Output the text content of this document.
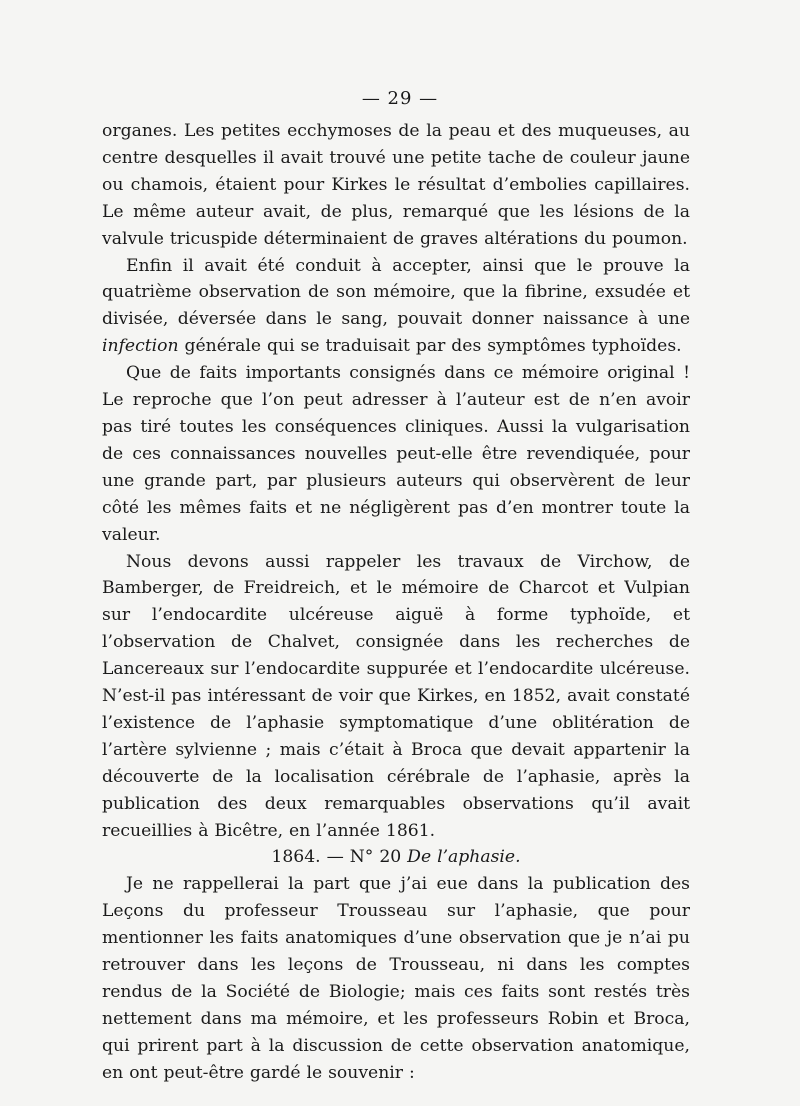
— 29 —

organes. Les petites ecchymoses de la peau et des muqueuses, au centre desquelles il avait trouvé une petite tache de couleur jaune ou chamois, étaient pour Kirkes le résultat d’embolies capillaires. Le même auteur avait, de plus, remarqué que les lésions de la valvule tricuspide déterminaient de graves altérations du poumon.

Enfin il avait été conduit à accepter, ainsi que le prouve la quatrième observation de son mémoire, que la fibrine, exsudée et divisée, déversée dans le sang, pouvait donner naissance à une infection générale qui se traduisait par des symptômes typhoïdes.

Que de faits importants consignés dans ce mémoire original ! Le reproche que l’on peut adresser à l’auteur est de n’en avoir pas tiré toutes les conséquences cliniques. Aussi la vulgarisation de ces connaissances nouvelles peut-elle être revendiquée, pour une grande part, par plusieurs auteurs qui observèrent de leur côté les mêmes faits et ne négligèrent pas d’en montrer toute la valeur.

Nous devons aussi rappeler les travaux de Virchow, de Bamberger, de Freidreich, et le mémoire de Charcot et Vulpian sur l’endocardite ulcéreuse aiguë à forme typhoïde, et l’observation de Chalvet, consignée dans les recherches de Lancereaux sur l’endocardite suppurée et l’endocardite ulcéreuse. N’est-il pas intéressant de voir que Kirkes, en 1852, avait constaté l’existence de l’aphasie symptomatique d’une oblitération de l’artère sylvienne ; mais c’était à Broca que devait appartenir la découverte de la localisation cérébrale de l’aphasie, après la publication des deux remarquables observations qu’il avait recueillies à Bicêtre, en l’année 1861.

1864. — N° 20 De l’aphasie.

Je ne rappellerai la part que j’ai eue dans la publication des Leçons du professeur Trousseau sur l’aphasie, que pour mentionner les faits anatomiques d’une observation que je n’ai pu retrouver dans les leçons de Trousseau, ni dans les comptes rendus de la Société de Biologie; mais ces faits sont restés très nettement dans ma mémoire, et les professeurs Robin et Broca, qui prirent part à la discussion de cette observation anatomique, en ont peut-être gardé le souvenir :
